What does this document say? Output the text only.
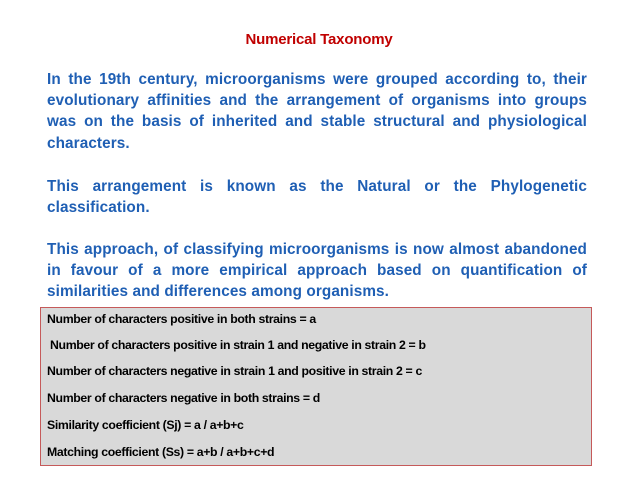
Numerical Taxonomy
In the 19th century, microorganisms were grouped according to, their evolutionary affinities and the arrangement of organisms into groups was on the basis of inherited and stable structural and physiological characters.
This arrangement is known as the Natural or the Phylogenetic classification.
This approach, of classifying microorganisms is now almost abandoned in favour of a more empirical approach based on quantification of similarities and differences among organisms.
Number of characters positive in both strains = a
Number of characters positive in strain 1 and negative in strain 2 = b
Number of characters negative in strain 1 and positive in strain 2 = c
Number of characters negative in both strains = d
Similarity coefficient (Sj) = a / a+b+c
Matching coefficient (Ss) = a+b / a+b+c+d
